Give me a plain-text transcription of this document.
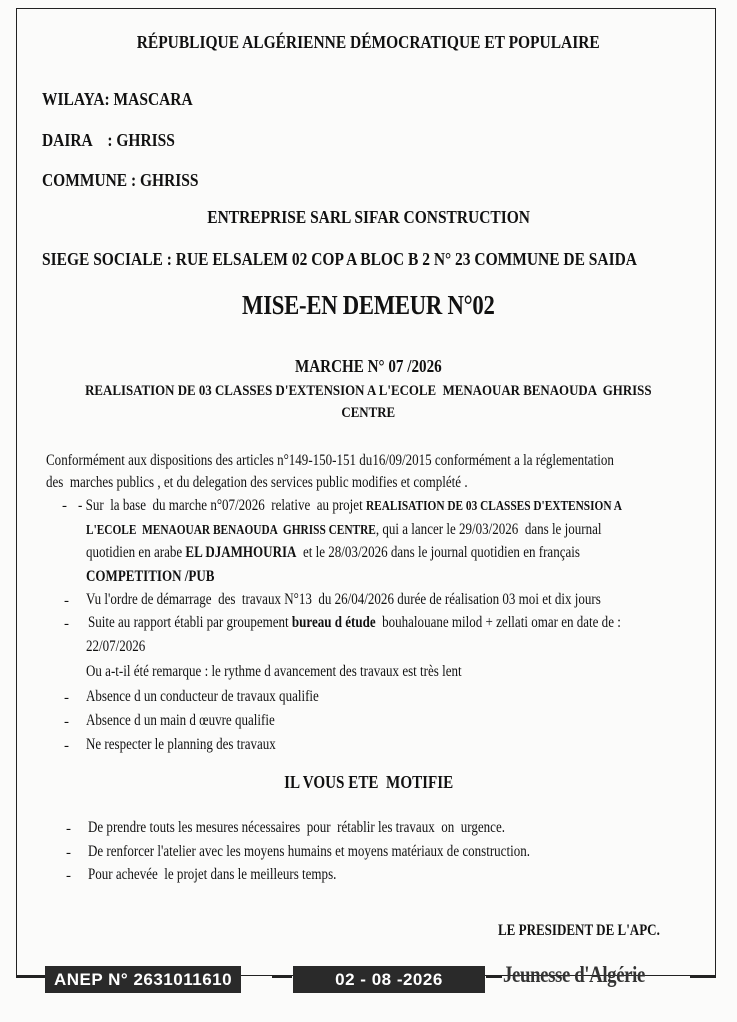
RÉPUBLIQUE ALGÉRIENNE DÉMOCRATIQUE ET POPULAIRE
WILAYA: MASCARA
DAIRA    : GHRISS
COMMUNE : GHRISS
ENTREPRISE SARL SIFAR CONSTRUCTION
SIEGE SOCIALE : RUE ELSALEM 02 COP A BLOC B 2 N° 23 COMMUNE DE SAIDA
MISE-EN DEMEUR N°02
MARCHE N° 07 /2026
REALISATION DE 03 CLASSES D'EXTENSION A L'ECOLE  MENAOUAR BENAOUDA  GHRISS
CENTRE
Conformément aux dispositions des articles n°149-150-151 du16/09/2015 conformément a la réglementation
des  marches publics , et du delegation des services public modifies et complété .
- - Sur  la base  du marche n°07/2026  relative  au projet REALISATION DE 03 CLASSES D'EXTENSION A
L'ECOLE  MENAOUAR BENAOUDA  GHRISS CENTRE, qui a lancer le 29/03/2026  dans le journal
quotidien en arabe EL DJAMHOURIA  et le 28/03/2026 dans le journal quotidien en français
COMPETITION /PUB
- Vu l'ordre de démarrage  des  travaux N°13  du 26/04/2026 durée de réalisation 03 moi et dix jours
- Suite au rapport établi par groupement bureau d étude  bouhalouane milod + zellati omar en date de :
22/07/2026
Ou a-t-il été remarque : le rythme d avancement des travaux est très lent
- Absence d un conducteur de travaux qualifie
- Absence d un main d œuvre qualifie
- Ne respecter le planning des travaux
IL VOUS ETE  MOTIFIE
- De prendre touts les mesures nécessaires  pour  rétablir les travaux  on  urgence.
- De renforcer l'atelier avec les moyens humains et moyens matériaux de construction.
- Pour achevée  le projet dans le meilleurs temps.
LE PRESIDENT DE L'APC.
ANEP N° 2631011610	02 - 08 -2026	Jeunesse d'Algérie
